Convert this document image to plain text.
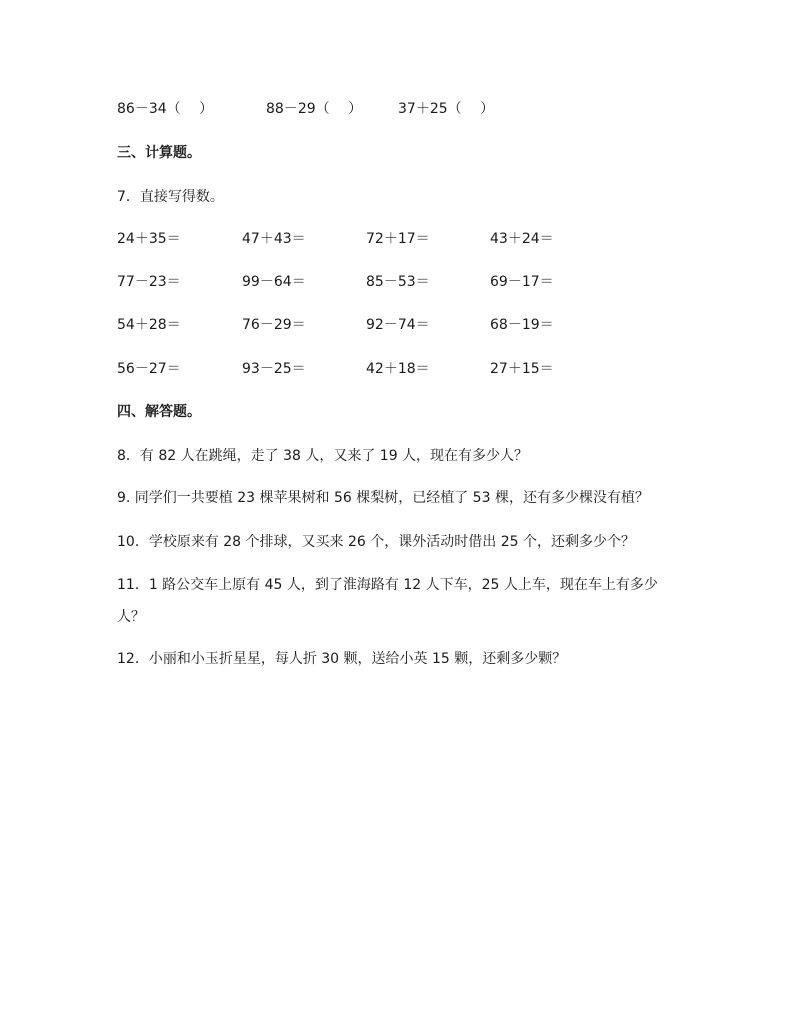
86－34（　 ）	88－29（　 ）	37＋25（　 ）
三、计算题。
7．直接写得数。
24＋35＝	47＋43＝	72＋17＝	43＋24＝
77－23＝	99－64＝	85－53＝	69－17＝
54＋28＝	76－29＝	92－74＝	68－19＝
56－27＝	93－25＝	42＋18＝	27＋15＝
四、解答题。
8．有 82 人在跳绳，走了 38 人，又来了 19 人，现在有多少人？
9. 同学们一共要植 23 棵苹果树和 56 棵梨树，已经植了 53 棵，还有多少棵没有植？
10．学校原来有 28 个排球，又买来 26 个，课外活动时借出 25 个，还剩多少个？
11．1 路公交车上原有 45 人，到了淮海路有 12 人下车，25 人上车，现在车上有多少人？
12．小丽和小玉折星星，每人折 30 颗，送给小英 15 颗，还剩多少颗？
